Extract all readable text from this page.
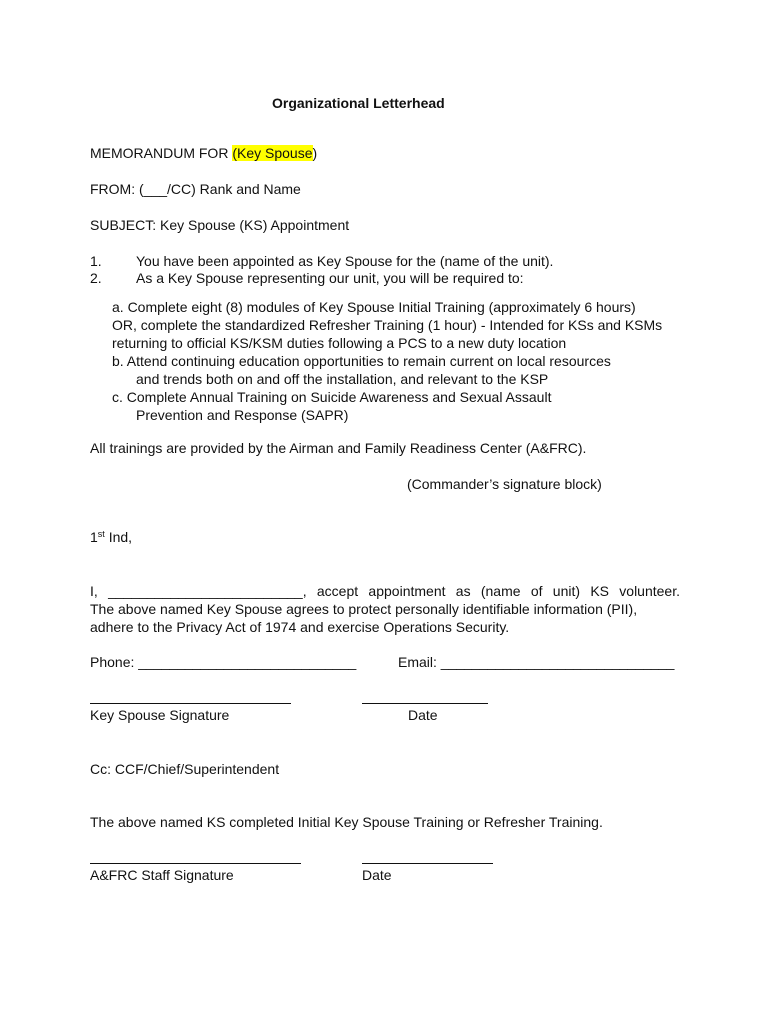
Organizational Letterhead
MEMORANDUM FOR (Key Spouse)
FROM: (___/CC) Rank and Name
SUBJECT: Key Spouse (KS) Appointment
1. You have been appointed as Key Spouse for the (name of the unit).
2. As a Key Spouse representing our unit, you will be required to:
a. Complete eight (8) modules of Key Spouse Initial Training (approximately 6 hours)
OR, complete the standardized Refresher Training (1 hour) - Intended for KSs and KSMs
returning to official KS/KSM duties following a PCS to a new duty location
b. Attend continuing education opportunities to remain current on local resources
and trends both on and off the installation, and relevant to the KSP
c. Complete Annual Training on Suicide Awareness and Sexual Assault
Prevention and Response (SAPR)
All trainings are provided by the Airman and Family Readiness Center (A&FRC).
(Commander’s signature block)
1st Ind,
I, _________________________, accept appointment as (name of unit) KS volunteer.
The above named Key Spouse agrees to protect personally identifiable information (PII),
adhere to the Privacy Act of 1974 and exercise Operations Security.
Phone: ____________________________	Email: ______________________________
Key Spouse Signature	Date
Cc: CCF/Chief/Superintendent
The above named KS completed Initial Key Spouse Training or Refresher Training.
A&FRC Staff Signature	Date
